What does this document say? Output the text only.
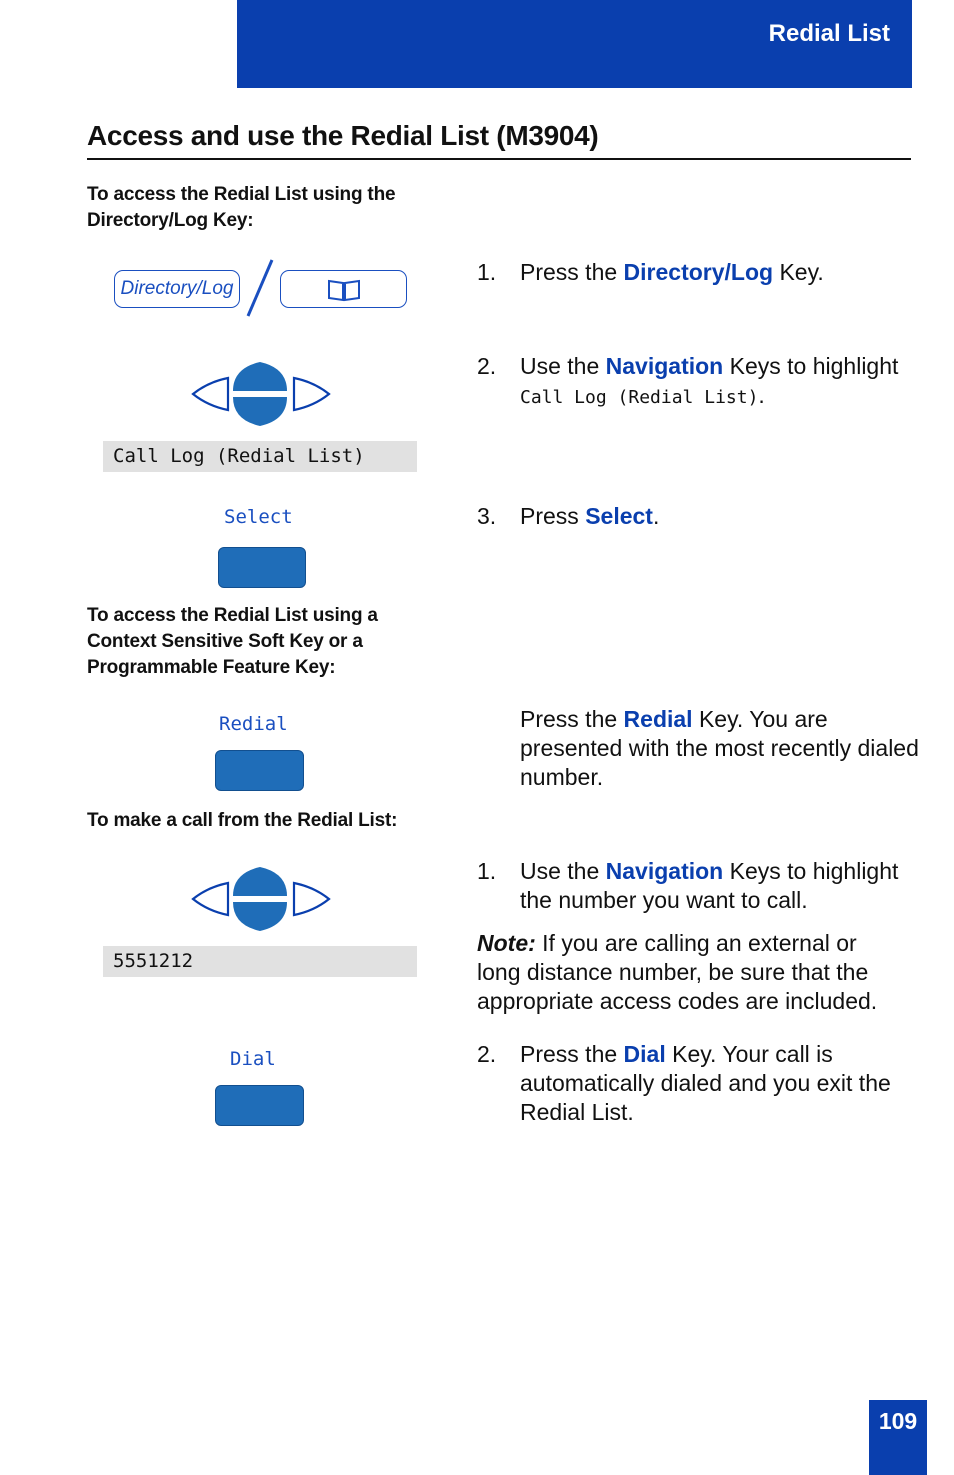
Redial List
Access and use the Redial List (M3904)
To access the Redial List using the
Directory/Log Key:
Directory/Log
Call Log (Redial List)
Select
1. Press the Directory/Log Key.
2. Use the Navigation Keys to highlight
Call Log (Redial List).
3. Press Select.
To access the Redial List using a
Context Sensitive Soft Key or a
Programmable Feature Key:
Redial	Press the Redial Key. You are
presented with the most recently dialed
number.
To make a call from the Redial List:
5551212
Dial
1. Use the Navigation Keys to highlight
the number you want to call.
Note: If you are calling an external or
long distance number, be sure that the
appropriate access codes are included.
2. Press the Dial Key. Your call is
automatically dialed and you exit the
Redial List.
109
